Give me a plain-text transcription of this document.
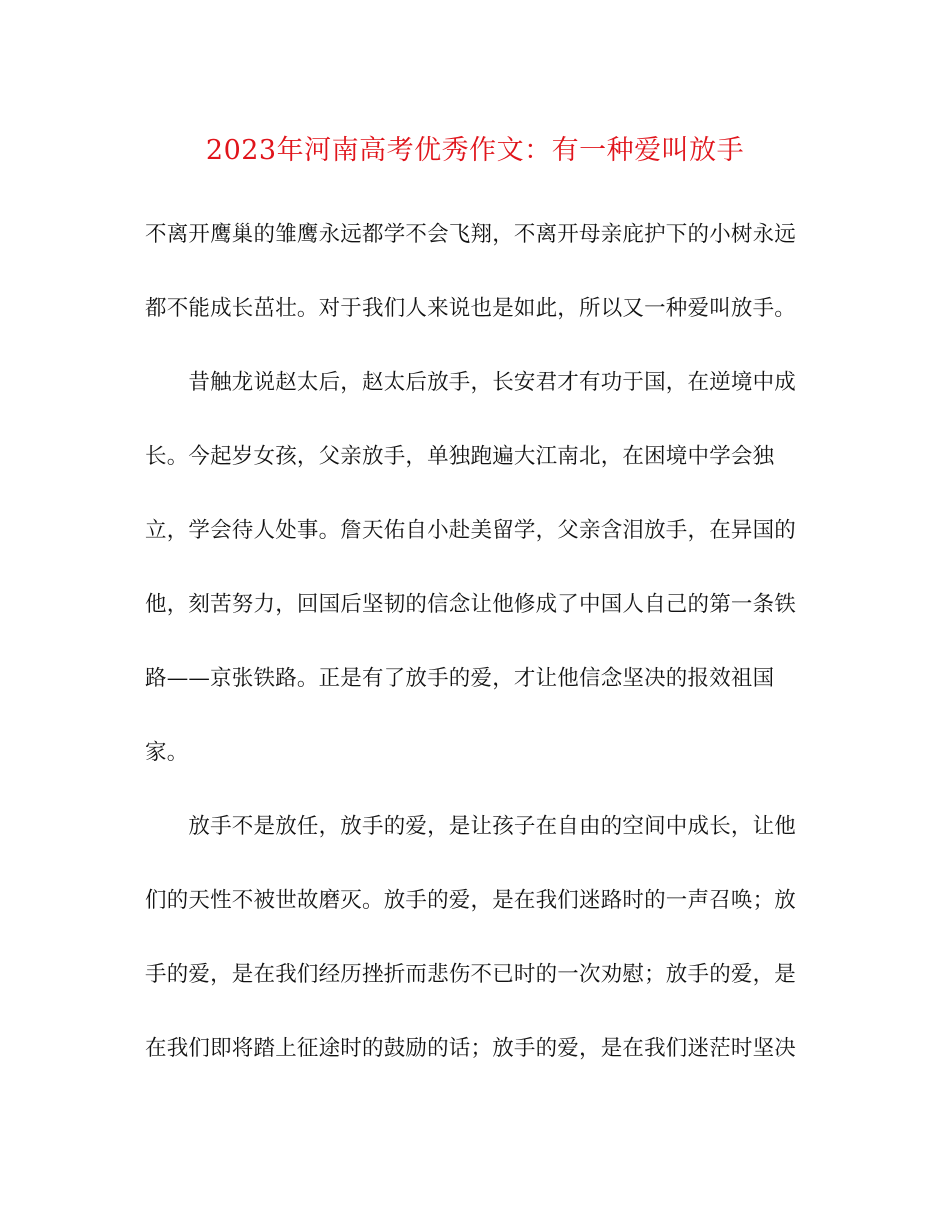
2023年河南高考优秀作文：有一种爱叫放手
不离开鹰巢的雏鹰永远都学不会飞翔，不离开母亲庇护下的小树永远
都不能成长茁壮。对于我们人来说也是如此，所以又一种爱叫放手。
　　昔触龙说赵太后，赵太后放手，长安君才有功于国，在逆境中成
长。今起岁女孩，父亲放手，单独跑遍大江南北，在困境中学会独
立，学会待人处事。詹天佑自小赴美留学，父亲含泪放手，在异国的
他，刻苦努力，回国后坚韧的信念让他修成了中国人自己的第一条铁
路——京张铁路。正是有了放手的爱，才让他信念坚决的报效祖国
家。
　　放手不是放任，放手的爱，是让孩子在自由的空间中成长，让他
们的天性不被世故磨灭。放手的爱，是在我们迷路时的一声召唤；放
手的爱，是在我们经历挫折而悲伤不已时的一次劝慰；放手的爱，是
在我们即将踏上征途时的鼓励的话；放手的爱，是在我们迷茫时坚决
